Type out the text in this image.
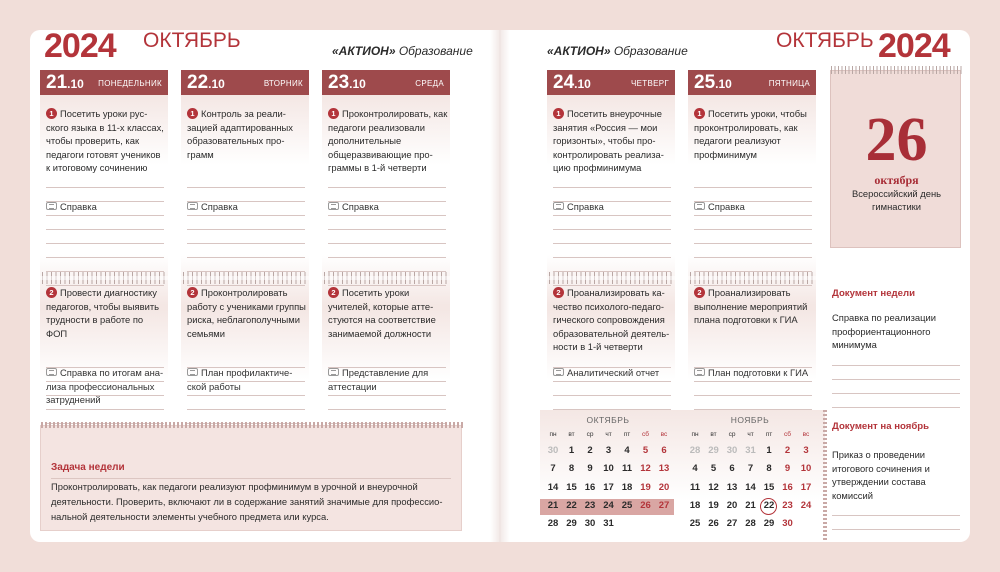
2024 ОКТЯБРЬ	«АКТИОН» Образование	«АКТИОН» Образование	ОКТЯБРЬ 2024
21.10 ПОНЕДЕЛЬНИК
1 Посетить уроки русского языка в 11-х классах, чтобы проверить, как педагоги готовят учеников к итоговому сочинению
Справка
2 Провести диагностику педагогов, чтобы выявить трудности в работе по ФОП
Справка по итогам анализа профессиональных затруднений
22.10	ВТОРНИК
1 Контроль за реализацией адаптированных образовательных программ
Справка
2 Проконтролировать работу с учениками группы риска, неблагополучными семьями
План профилактической работы
23.10	СРЕДА
1 Проконтролировать, как педагоги реализовали дополнительные общеразвивающие программы в 1-й четверти
Справка
2 Посетить уроки учителей, которые аттестуются на соответствие занимаемой должности
Представление для аттестации
24.10	ЧЕТВЕРГ
1 Посетить внеурочные занятия «Россия — мои горизонты», чтобы проконтролировать реализацию профминимума
Справка
2 Проанализировать качество психолого-педагогического сопровождения образовательной деятельности в 1-й четверти
Аналитический отчет
25.10	ПЯТНИЦА
1 Посетить уроки, чтобы проконтролировать, как педагоги реализуют профминимум
Справка
2 Проанализировать выполнение мероприятий плана подготовки к ГИА
План подготовки к ГИА
Задача недели
Проконтролировать, как педагоги реализуют профминимум в урочной и внеурочной деятельности. Проверить, включают ли в содержание занятий значимые для профессиональной деятельности элементы учебного предмета или курса.
26
октября
Всероссийский день гимнастики
Документ недели
Справка по реализации профориентационного минимума
Документ на ноябрь
Приказ о проведении итогового сочинения и утверждении состава комиссий
ОКТЯБРЬ
пн	вт	ср	чт	пт	сб	вс
30	1	2	3	4	5	6
7	8	9	10 11 12 13
14 15 16 17 18 19 20
21 22 23 24 25 26 27
28 29 30 31
НОЯБРЬ
пн	вт	ср	чт	пт	сб	вс
28 29 30 31	1	2	3
4	5	6	7	8	9	10
11 12 13 14 15 16 17
18 19 20 21 22 23 24
25 26 27 28 29 30
